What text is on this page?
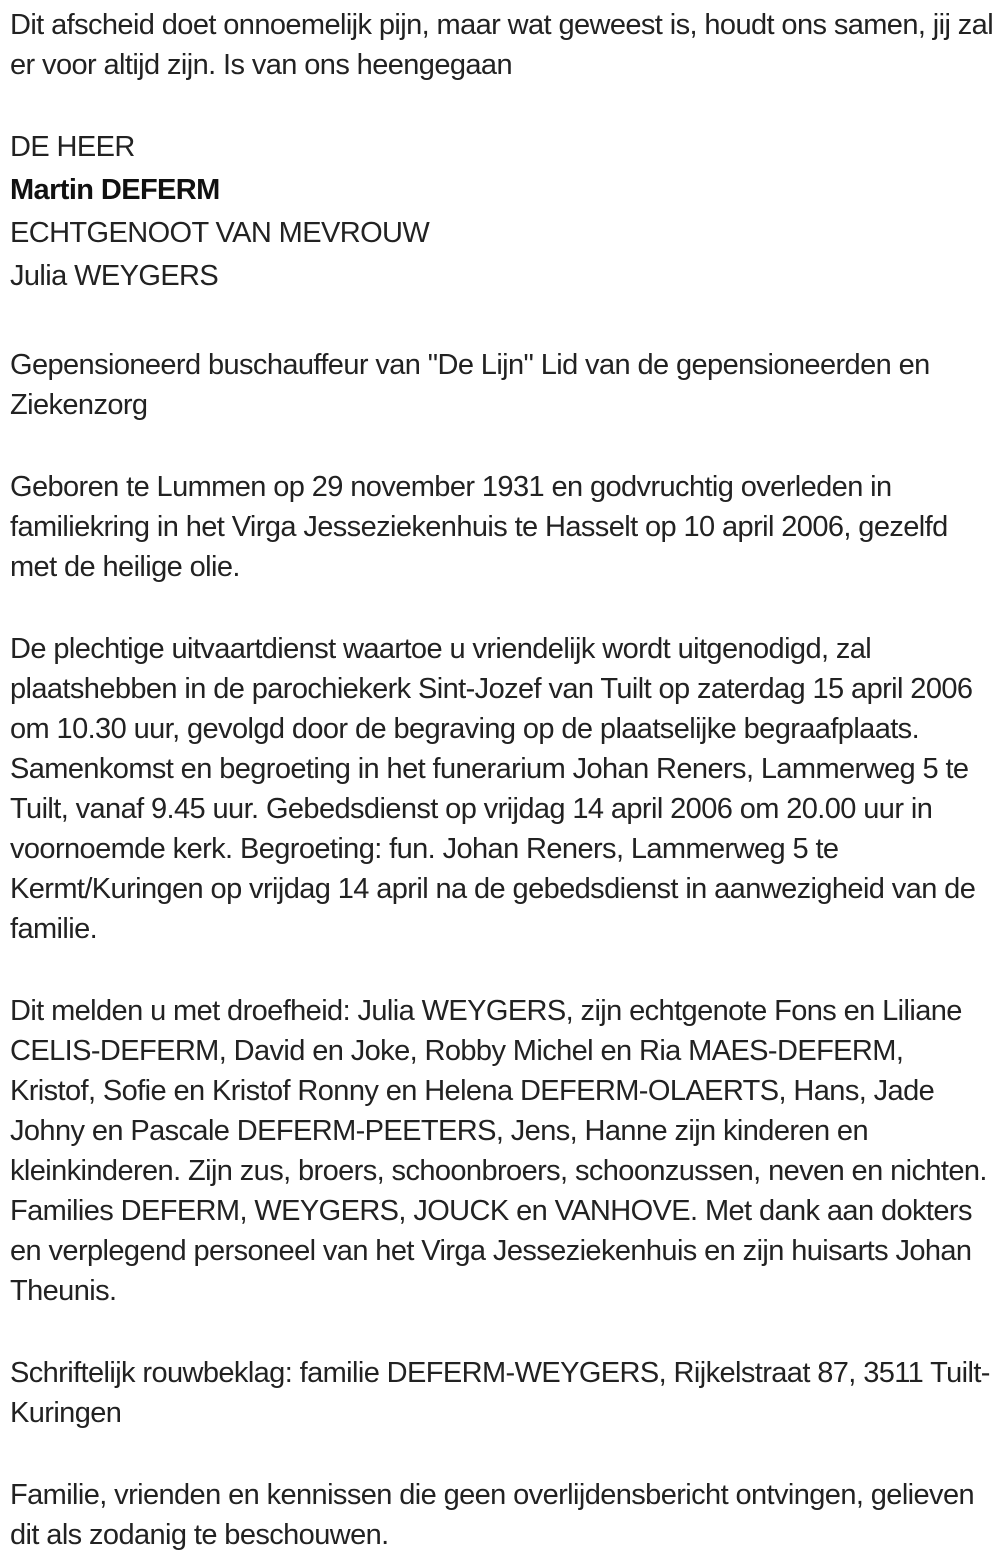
Dit afscheid doet onnoemelijk pijn, maar wat geweest is, houdt ons samen, jij zal er voor altijd zijn. Is van ons heengegaan

DE HEER

Martin DEFERM

ECHTGENOOT VAN MEVROUW

Julia WEYGERS

Gepensioneerd buschauffeur van "De Lijn" Lid van de gepensioneerden en Ziekenzorg

Geboren te Lummen op 29 november 1931 en godvruchtig overleden in familiekring in het Virga Jesseziekenhuis te Hasselt op 10 april 2006, gezelfd met de heilige olie.

De plechtige uitvaartdienst waartoe u vriendelijk wordt uitgenodigd, zal plaatshebben in de parochiekerk Sint-Jozef van Tuilt op zaterdag 15 april 2006 om 10.30 uur, gevolgd door de begraving op de plaatselijke begraafplaats. Samenkomst en begroeting in het funerarium Johan Reners, Lammerweg 5 te Tuilt, vanaf 9.45 uur. Gebedsdienst op vrijdag 14 april 2006 om 20.00 uur in voornoemde kerk. Begroeting: fun. Johan Reners, Lammerweg 5 te Kermt/Kuringen op vrijdag 14 april na de gebedsdienst in aanwezigheid van de familie.

Dit melden u met droefheid: Julia WEYGERS, zijn echtgenote Fons en Liliane CELIS-DEFERM, David en Joke, Robby Michel en Ria MAES-DEFERM, Kristof, Sofie en Kristof Ronny en Helena DEFERM-OLAERTS, Hans, Jade Johny en Pascale DEFERM-PEETERS, Jens, Hanne zijn kinderen en kleinkinderen. Zijn zus, broers, schoonbroers, schoonzussen, neven en nichten. Families DEFERM, WEYGERS, JOUCK en VANHOVE. Met dank aan dokters en verplegend personeel van het Virga Jesseziekenhuis en zijn huisarts Johan Theunis.

Schriftelijk rouwbeklag: familie DEFERM-WEYGERS, Rijkelstraat 87, 3511 Tuilt-Kuringen

Familie, vrienden en kennissen die geen overlijdensbericht ontvingen, gelieven dit als zodanig te beschouwen.
